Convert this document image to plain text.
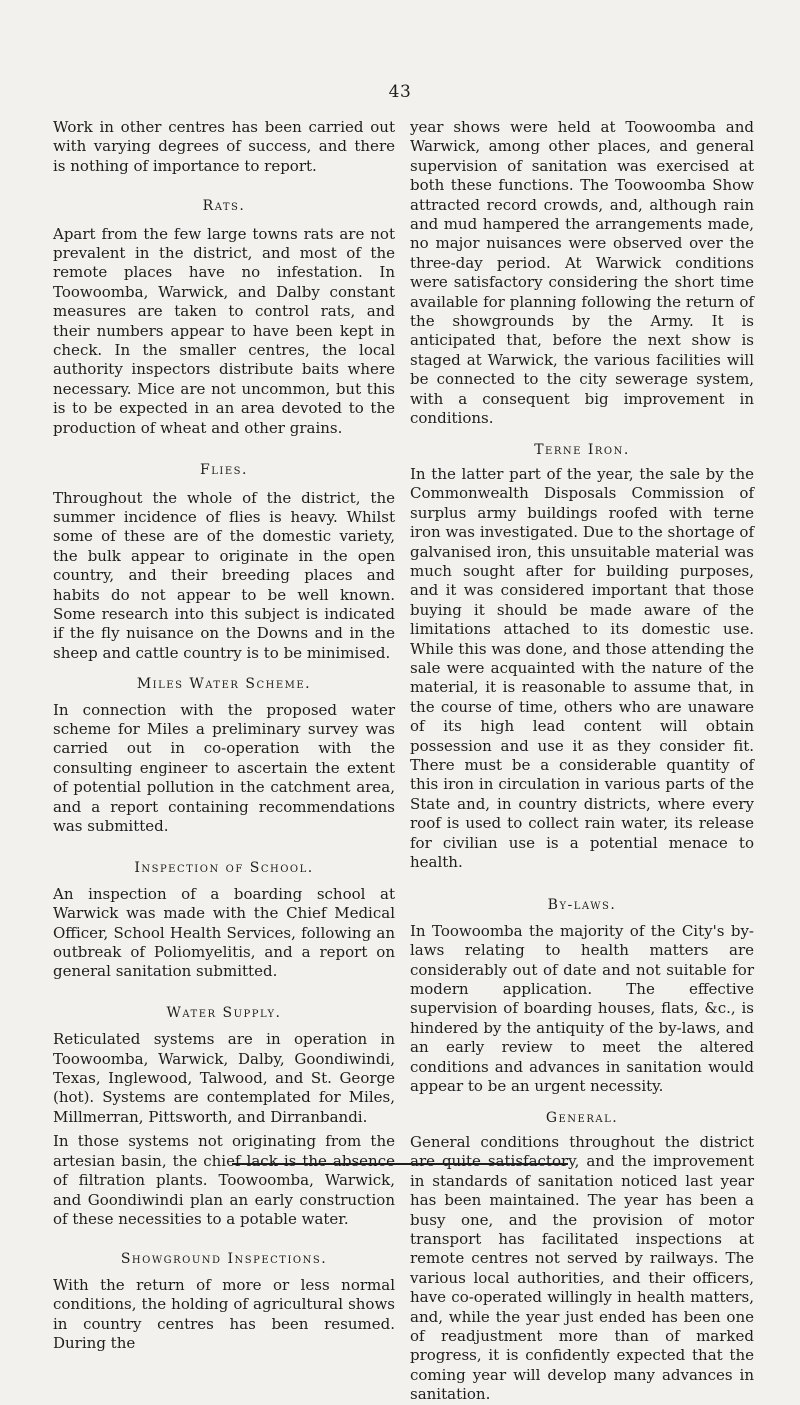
43

Work in other centres has been carried out with varying degrees of success, and there is nothing of importance to report.

Rats.

Apart from the few large towns rats are not prevalent in the district, and most of the remote places have no infestation. In Toowoomba, Warwick, and Dalby constant measures are taken to control rats, and their numbers appear to have been kept in check. In the smaller centres, the local authority inspectors distribute baits where necessary. Mice are not uncommon, but this is to be expected in an area devoted to the production of wheat and other grains.

Flies.

Throughout the whole of the district, the summer incidence of flies is heavy. Whilst some of these are of the domestic variety, the bulk appear to originate in the open country, and their breeding places and habits do not appear to be well known. Some research into this subject is indicated if the fly nuisance on the Downs and in the sheep and cattle country is to be minimised.

Miles Water Scheme.

In connection with the proposed water scheme for Miles a preliminary survey was carried out in co-operation with the consulting engineer to ascertain the extent of potential pollution in the catchment area, and a report containing recommendations was submitted.

Inspection of School.

An inspection of a boarding school at Warwick was made with the Chief Medical Officer, School Health Services, following an outbreak of Poliomyelitis, and a report on general sanitation submitted.

Water Supply.

Reticulated systems are in operation in Toowoomba, Warwick, Dalby, Goondiwindi, Texas, Inglewood, Talwood, and St. George (hot). Systems are contemplated for Miles, Millmerran, Pittsworth, and Dirranbandi.

In those systems not originating from the artesian basin, the chief lack is the absence of filtration plants. Toowoomba, Warwick, and Goondiwindi plan an early construction of these necessities to a potable water.

Showground Inspections.

With the return of more or less normal conditions, the holding of agricultural shows in country centres has been resumed. During the

year shows were held at Toowoomba and Warwick, among other places, and general supervision of sanitation was exercised at both these functions. The Toowoomba Show attracted record crowds, and, although rain and mud hampered the arrangements made, no major nuisances were observed over the three-day period. At Warwick conditions were satisfactory considering the short time available for planning following the return of the showgrounds by the Army. It is anticipated that, before the next show is staged at Warwick, the various facilities will be connected to the city sewerage system, with a consequent big improvement in conditions.

Terne Iron.

In the latter part of the year, the sale by the Commonwealth Disposals Commission of surplus army buildings roofed with terne iron was investigated. Due to the shortage of galvanised iron, this unsuitable material was much sought after for building purposes, and it was considered important that those buying it should be made aware of the limitations attached to its domestic use. While this was done, and those attending the sale were acquainted with the nature of the material, it is reasonable to assume that, in the course of time, others who are unaware of its high lead content will obtain possession and use it as they consider fit. There must be a considerable quantity of this iron in circulation in various parts of the State and, in country districts, where every roof is used to collect rain water, its release for civilian use is a potential menace to health.

By-laws.

In Toowoomba the majority of the City's by-laws relating to health matters are considerably out of date and not suitable for modern application. The effective supervision of boarding houses, flats, &c., is hindered by the antiquity of the by-laws, and an early review to meet the altered conditions and advances in sanitation would appear to be an urgent necessity.

General.

General conditions throughout the district are quite satisfactory, and the improvement in standards of sanitation noticed last year has been maintained. The year has been a busy one, and the provision of motor transport has facilitated inspections at remote centres not served by railways. The various local authorities, and their officers, have co-operated willingly in health matters, and, while the year just ended has been one of readjustment more than of marked progress, it is confidently expected that the coming year will develop many advances in sanitation.
